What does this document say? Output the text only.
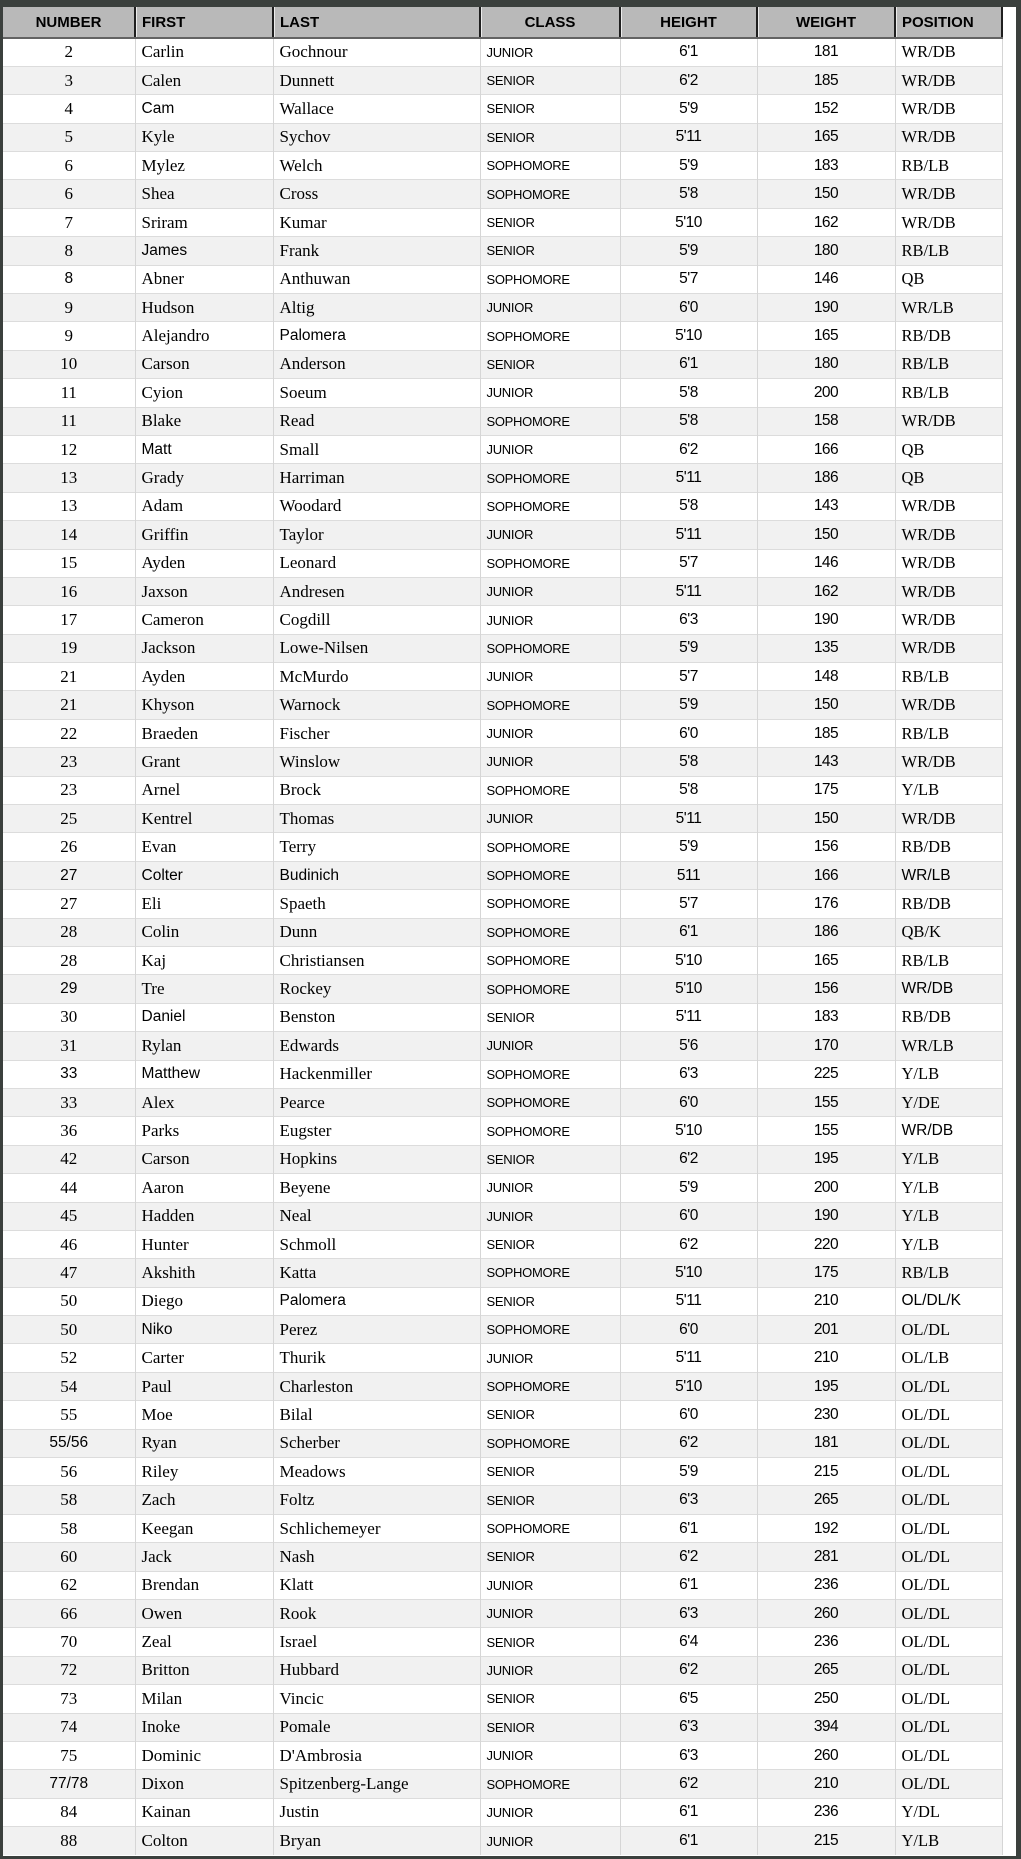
NUMBER	FIRST	LAST	CLASS	HEIGHT	WEIGHT	POSITION
2	Carlin	Gochnour	JUNIOR	6'1	181	WR/DB
3	Calen	Dunnett	SENIOR	6'2	185	WR/DB
4	Cam	Wallace	SENIOR	5'9	152	WR/DB
5	Kyle	Sychov	SENIOR	5'11	165	WR/DB
6	Mylez	Welch	SOPHOMORE	5'9	183	RB/LB
6	Shea	Cross	SOPHOMORE	5'8	150	WR/DB
7	Sriram	Kumar	SENIOR	5'10	162	WR/DB
8	James	Frank	SENIOR	5'9	180	RB/LB
8	Abner	Anthuwan	SOPHOMORE	5'7	146	QB
9	Hudson	Altig	JUNIOR	6'0	190	WR/LB
9	Alejandro	Palomera	SOPHOMORE	5'10	165	RB/DB
10	Carson	Anderson	SENIOR	6'1	180	RB/LB
11	Cyion	Soeum	JUNIOR	5'8	200	RB/LB
11	Blake	Read	SOPHOMORE	5'8	158	WR/DB
12	Matt	Small	JUNIOR	6'2	166	QB
13	Grady	Harriman	SOPHOMORE	5'11	186	QB
13	Adam	Woodard	SOPHOMORE	5'8	143	WR/DB
14	Griffin	Taylor	JUNIOR	5'11	150	WR/DB
15	Ayden	Leonard	SOPHOMORE	5'7	146	WR/DB
16	Jaxson	Andresen	JUNIOR	5'11	162	WR/DB
17	Cameron	Cogdill	JUNIOR	6'3	190	WR/DB
19	Jackson	Lowe-Nilsen	SOPHOMORE	5'9	135	WR/DB
21	Ayden	McMurdo	JUNIOR	5'7	148	RB/LB
21	Khyson	Warnock	SOPHOMORE	5'9	150	WR/DB
22	Braeden	Fischer	JUNIOR	6'0	185	RB/LB
23	Grant	Winslow	JUNIOR	5'8	143	WR/DB
23	Arnel	Brock	SOPHOMORE	5'8	175	Y/LB
25	Kentrel	Thomas	JUNIOR	5'11	150	WR/DB
26	Evan	Terry	SOPHOMORE	5'9	156	RB/DB
27	Colter	Budinich	SOPHOMORE	511	166	WR/LB
27	Eli	Spaeth	SOPHOMORE	5'7	176	RB/DB
28	Colin	Dunn	SOPHOMORE	6'1	186	QB/K
28	Kaj	Christiansen	SOPHOMORE	5'10	165	RB/LB
29	Tre	Rockey	SOPHOMORE	5'10	156	WR/DB
30	Daniel	Benston	SENIOR	5'11	183	RB/DB
31	Rylan	Edwards	JUNIOR	5'6	170	WR/LB
33	Matthew	Hackenmiller	SOPHOMORE	6'3	225	Y/LB
33	Alex	Pearce	SOPHOMORE	6'0	155	Y/DE
36	Parks	Eugster	SOPHOMORE	5'10	155	WR/DB
42	Carson	Hopkins	SENIOR	6'2	195	Y/LB
44	Aaron	Beyene	JUNIOR	5'9	200	Y/LB
45	Hadden	Neal	JUNIOR	6'0	190	Y/LB
46	Hunter	Schmoll	SENIOR	6'2	220	Y/LB
47	Akshith	Katta	SOPHOMORE	5'10	175	RB/LB
50	Diego	Palomera	SENIOR	5'11	210	OL/DL/K
50	Niko	Perez	SOPHOMORE	6'0	201	OL/DL
52	Carter	Thurik	JUNIOR	5'11	210	OL/LB
54	Paul	Charleston	SOPHOMORE	5'10	195	OL/DL
55	Moe	Bilal	SENIOR	6'0	230	OL/DL
55/56	Ryan	Scherber	SOPHOMORE	6'2	181	OL/DL
56	Riley	Meadows	SENIOR	5'9	215	OL/DL
58	Zach	Foltz	SENIOR	6'3	265	OL/DL
58	Keegan	Schlichemeyer	SOPHOMORE	6'1	192	OL/DL
60	Jack	Nash	SENIOR	6'2	281	OL/DL
62	Brendan	Klatt	JUNIOR	6'1	236	OL/DL
66	Owen	Rook	JUNIOR	6'3	260	OL/DL
70	Zeal	Israel	SENIOR	6'4	236	OL/DL
72	Britton	Hubbard	JUNIOR	6'2	265	OL/DL
73	Milan	Vincic	SENIOR	6'5	250	OL/DL
74	Inoke	Pomale	SENIOR	6'3	394	OL/DL
75	Dominic	D'Ambrosia	JUNIOR	6'3	260	OL/DL
77/78	Dixon	Spitzenberg-Lange	SOPHOMORE	6'2	210	OL/DL
84	Kainan	Justin	JUNIOR	6'1	236	Y/DL
88	Colton	Bryan	JUNIOR	6'1	215	Y/LB
